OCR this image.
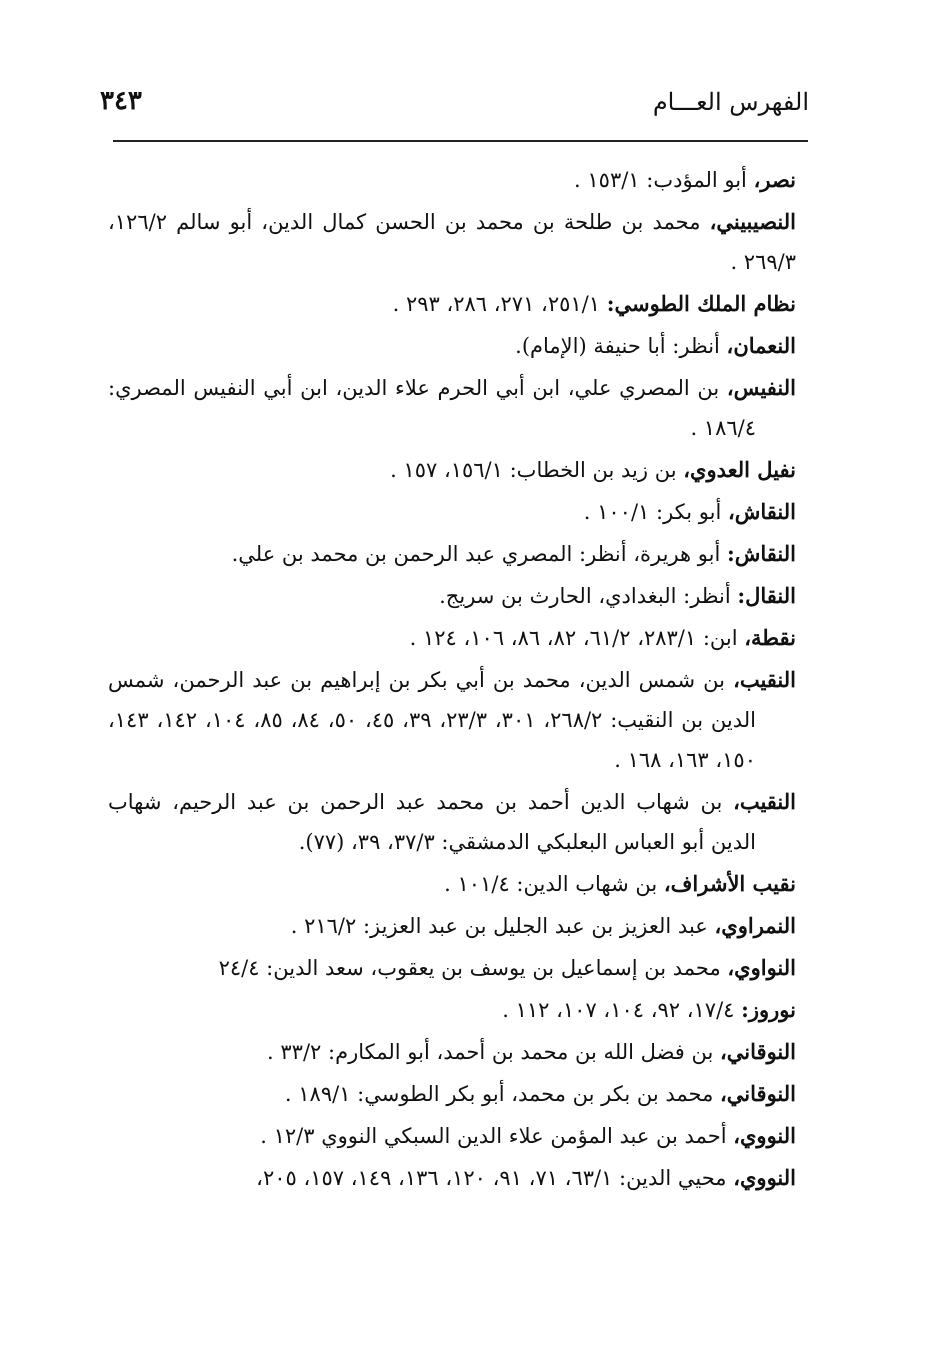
الفهرس العـــام
٣٤٣

نصر، أبو المؤدب: ١٥٣/١ .

النصيبيني، محمد بن طلحة بن محمد بن الحسن كمال الدين، أبو سالم ١٢٦/٢، ٢٦٩/٣ .

نظام الملك الطوسي: ٢٥١/١، ٢٧١، ٢٨٦، ٢٩٣ .

النعمان، أنظر: أبا حنيفة (الإمام).

النفيس، بن المصري علي، ابن أبي الحرم علاء الدين، ابن أبي النفيس المصري: ١٨٦/٤ .

نفيل العدوي، بن زيد بن الخطاب: ١٥٦/١، ١٥٧ .

النقاش، أبو بكر: ١٠٠/١ .

النقاش: أبو هريرة، أنظر: المصري عبد الرحمن بن محمد بن علي.

النقال: أنظر: البغدادي، الحارث بن سريج.

نقطة، ابن: ٢٨٣/١، ٦١/٢، ٨٢، ٨٦، ١٠٦، ١٢٤ .

النقيب، بن شمس الدين، محمد بن أبي بكر بن إبراهيم بن عبد الرحمن، شمس الدين بن النقيب: ٢٦٨/٢، ٣٠١، ٢٣/٣، ٣٩، ٤٥، ٥٠، ٨٤، ٨٥، ١٠٤، ١٤٢، ١٤٣، ١٥٠، ١٦٣، ١٦٨ .

النقيب، بن شهاب الدين أحمد بن محمد عبد الرحمن بن عبد الرحيم، شهاب الدين أبو العباس البعلبكي الدمشقي: ٣٧/٣، ٣٩، (٧٧).

نقيب الأشراف، بن شهاب الدين: ١٠١/٤ .

النمراوي، عبد العزيز بن عبد الجليل بن عبد العزيز: ٢١٦/٢ .

النواوي، محمد بن إسماعيل بن يوسف بن يعقوب، سعد الدين: ٢٤/٤

نوروز: ١٧/٤، ٩٢، ١٠٤، ١٠٧، ١١٢ .

النوقاني، بن فضل الله بن محمد بن أحمد، أبو المكارم: ٣٣/٢ .

النوقاني، محمد بن بكر بن محمد، أبو بكر الطوسي: ١٨٩/١ .

النووي، أحمد بن عبد المؤمن علاء الدين السبكي النووي ١٢/٣ .

النووي، محيي الدين: ٦٣/١، ٧١، ٩١، ١٢٠، ١٣٦، ١٤٩، ١٥٧، ٢٠٥،
